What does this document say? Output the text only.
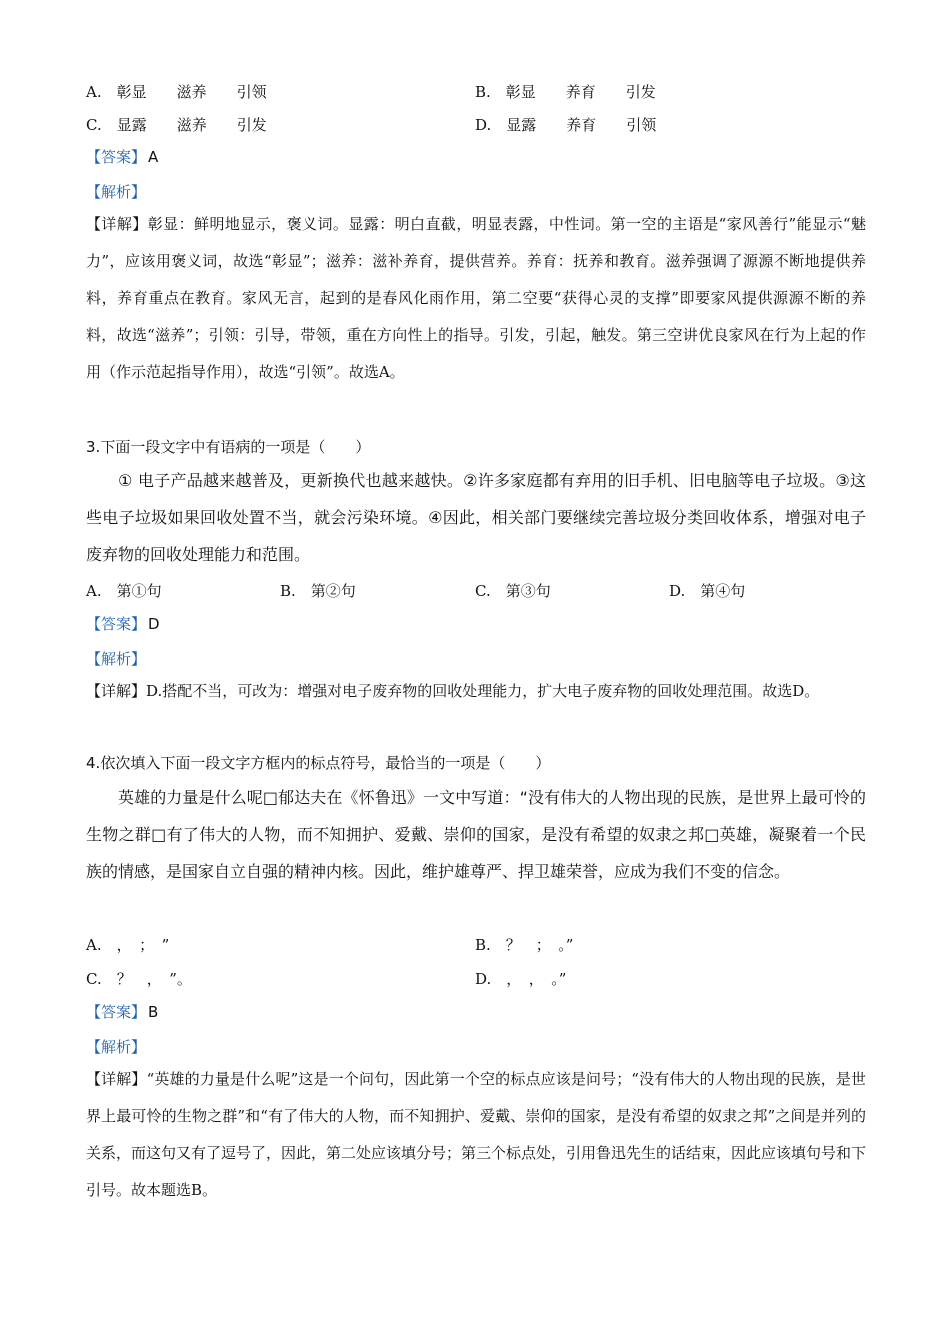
A.　彰显　　滋养　　引领	B.　彰显　　养育　　引发
C.　显露　　滋养　　引发	D.　显露　　养育　　引领
【答案】 A
【解析】
【详解】彰显：鲜明地显示，褒义词。显露：明白直截，明显表露，中性词。第一空的主语是“家风善行”能显示“魅力”，应该用褒义词，故选“彰显”；滋养：滋补养育，提供营养。养育：抚养和教育。滋养强调了源源不断地提供养料，养育重点在教育。家风无言，起到的是春风化雨作用，第二空要“获得心灵的支撑”即要家风提供源源不断的养料，故选“滋养”；引领：引导，带领，重在方向性上的指导。引发，引起，触发。第三空讲优良家风在行为上起的作用（作示范起指导作用），故选“引领”。故选A。
3.下面一段文字中有语病的一项是（　　）
① 电子产品越来越普及，更新换代也越来越快。②许多家庭都有弃用的旧手机、旧电脑等电子垃圾。③这些电子垃圾如果回收处置不当，就会污染环境。④因此，相关部门要继续完善垃圾分类回收体系，增强对电子废弃物的回收处理能力和范围。
A.　第①句	B.　第②句	C.　第③句	D.　第④句
【答案】 D
【解析】
【详解】D.搭配不当，可改为：增强对电子废弃物的回收处理能力，扩大电子废弃物的回收处理范围。故选D。
4.依次填入下面一段文字方框内的标点符号，最恰当的一项是（　　）
英雄的力量是什么呢□郁达夫在《怀鲁迅》一文中写道：“没有伟大的人物出现的民族，是世界上最可怜的生物之群□有了伟大的人物，而不知拥护、爱戴、崇仰的国家，是没有希望的奴隶之邦□英雄，凝聚着一个民族的情感，是国家自立自强的精神内核。因此，维护雄尊严、捍卫雄荣誉，应成为我们不变的信念。
A.　，　；　”	B.　？　；　。”
C.　？　，　”。	D.　，　，　。”
【答案】 B
【解析】
【详解】“英雄的力量是什么呢”这是一个问句，因此第一个空的标点应该是问号；“没有伟大的人物出现的民族，是世界上最可怜的生物之群”和“有了伟大的人物，而不知拥护、爱戴、崇仰的国家，是没有希望的奴隶之邦”之间是并列的关系，而这句又有了逗号了，因此，第二处应该填分号；第三个标点处，引用鲁迅先生的话结束，因此应该填句号和下引号。故本题选B。
